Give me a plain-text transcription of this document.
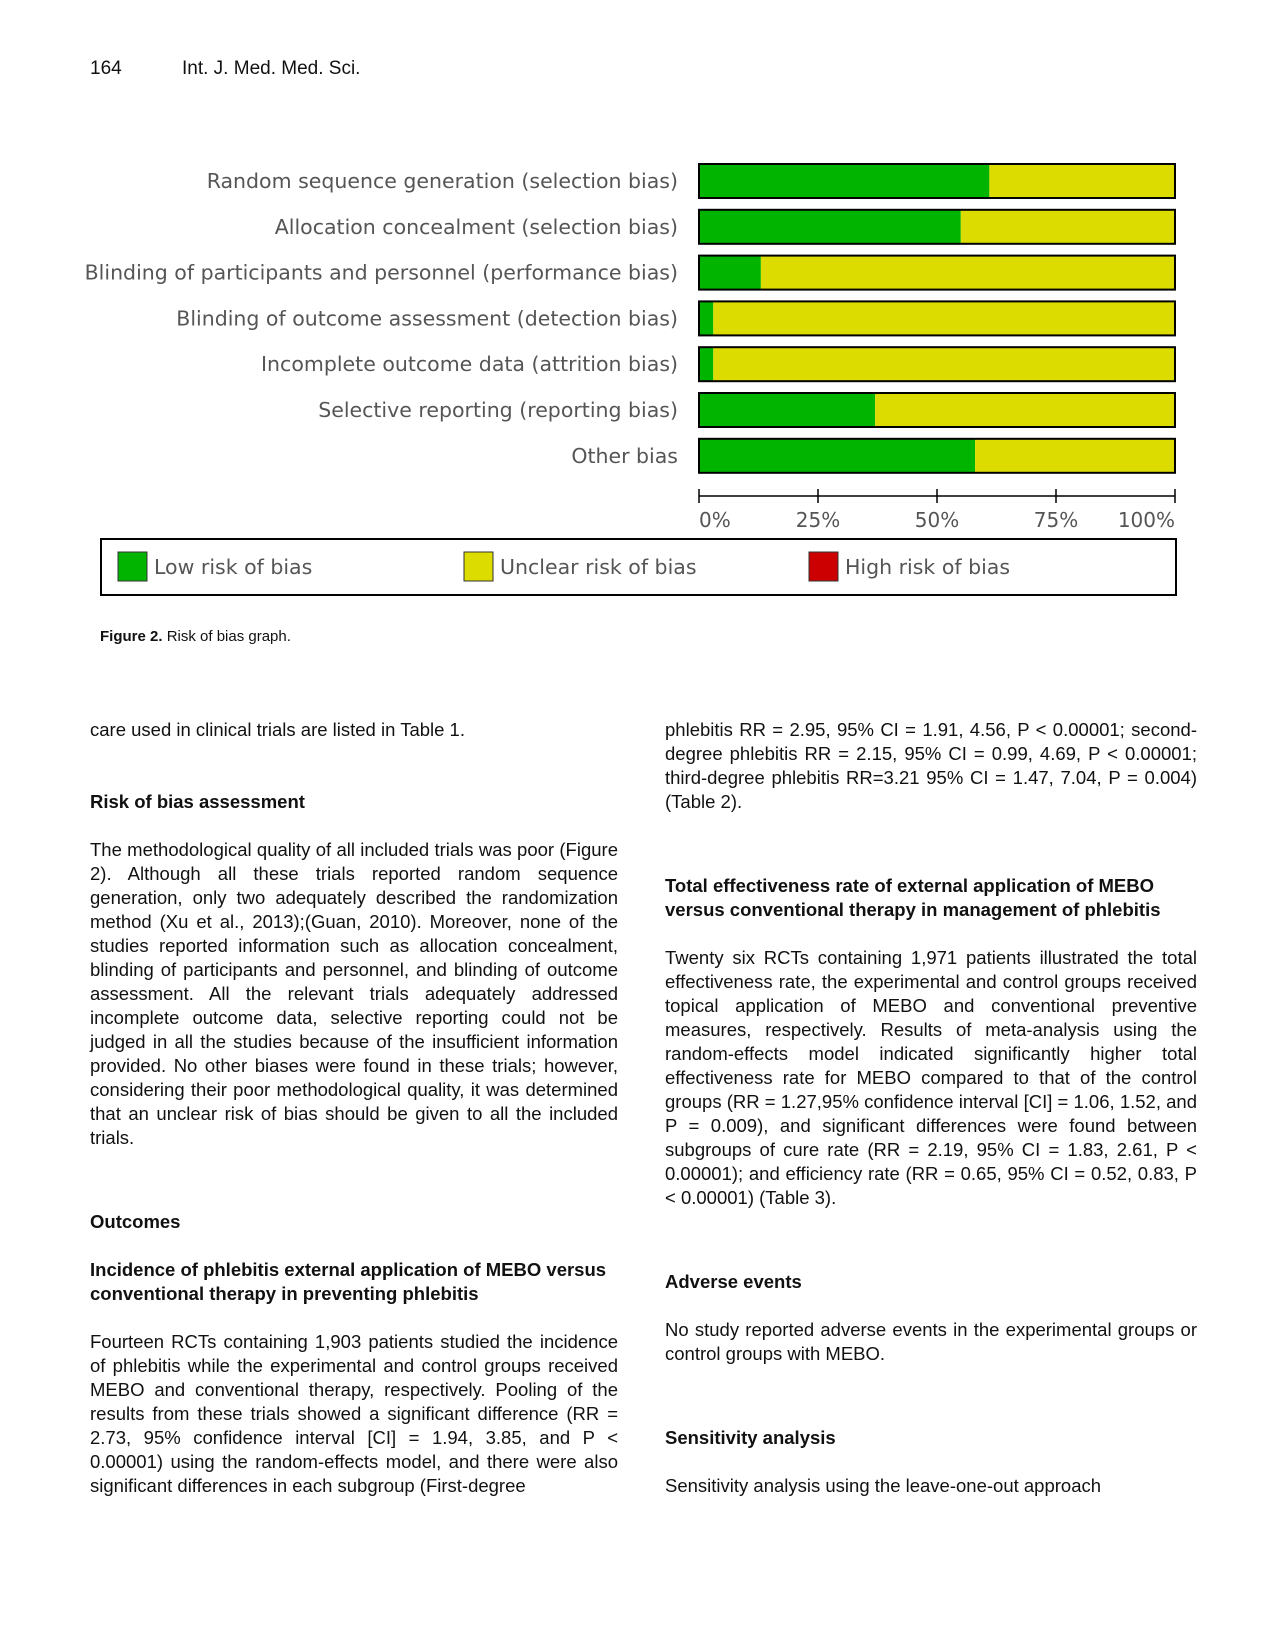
164	Int. J. Med. Med. Sci.
Random sequence generation (selection bias)
Allocation concealment (selection bias)
Blinding of participants and personnel (performance bias)
Blinding of outcome assessment (detection bias)
Incomplete outcome data (attrition bias)
Selective reporting (reporting bias)
Other bias
0%	25%	50%	75% 100%
Low risk of bias	Unclear risk of bias	High risk of bias
Figure 2. Risk of bias graph.

care used in clinical trials are listed in Table 1.

Risk of bias assessment

The methodological quality of all included trials was poor (Figure 2). Although all these trials reported random sequence generation, only two adequately described the randomization method (Xu et al., 2013);(Guan, 2010). Moreover, none of the studies reported information such as allocation concealment, blinding of participants and personnel, and blinding of outcome assessment. All the relevant trials adequately addressed incomplete outcome data, selective reporting could not be judged in all the studies because of the insufficient information provided. No other biases were found in these trials; however, considering their poor methodological quality, it was determined that an unclear risk of bias should be given to all the included trials.

Outcomes
Incidence of phlebitis external application of MEBO versus conventional therapy in preventing phlebitis

Fourteen RCTs containing 1,903 patients studied the incidence of phlebitis while the experimental and control groups received MEBO and conventional therapy, respectively. Pooling of the results from these trials showed a significant difference (RR = 2.73, 95% confidence interval [CI] = 1.94, 3.85, and P < 0.00001) using the random-effects model, and there were also significant differences in each subgroup (First-degree

phlebitis RR = 2.95, 95% CI = 1.91, 4.56, P < 0.00001; second-degree phlebitis RR = 2.15, 95% CI = 0.99, 4.69, P < 0.00001; third-degree phlebitis RR=3.21 95% CI = 1.47, 7.04, P = 0.004) (Table 2).

Total effectiveness rate of external application of MEBO versus conventional therapy in management of phlebitis

Twenty six RCTs containing 1,971 patients illustrated the total effectiveness rate, the experimental and control groups received topical application of MEBO and conventional preventive measures, respectively. Results of meta-analysis using the random-effects model indicated significantly higher total effectiveness rate for MEBO compared to that of the control groups (RR = 1.27,95% confidence interval [CI] = 1.06, 1.52, and P = 0.009), and significant differences were found between subgroups of cure rate (RR = 2.19, 95% CI = 1.83, 2.61, P < 0.00001); and efficiency rate (RR = 0.65, 95% CI = 0.52, 0.83, P < 0.00001) (Table 3).

Adverse events

No study reported adverse events in the experimental groups or control groups with MEBO.

Sensitivity analysis

Sensitivity analysis using the leave-one-out approach
